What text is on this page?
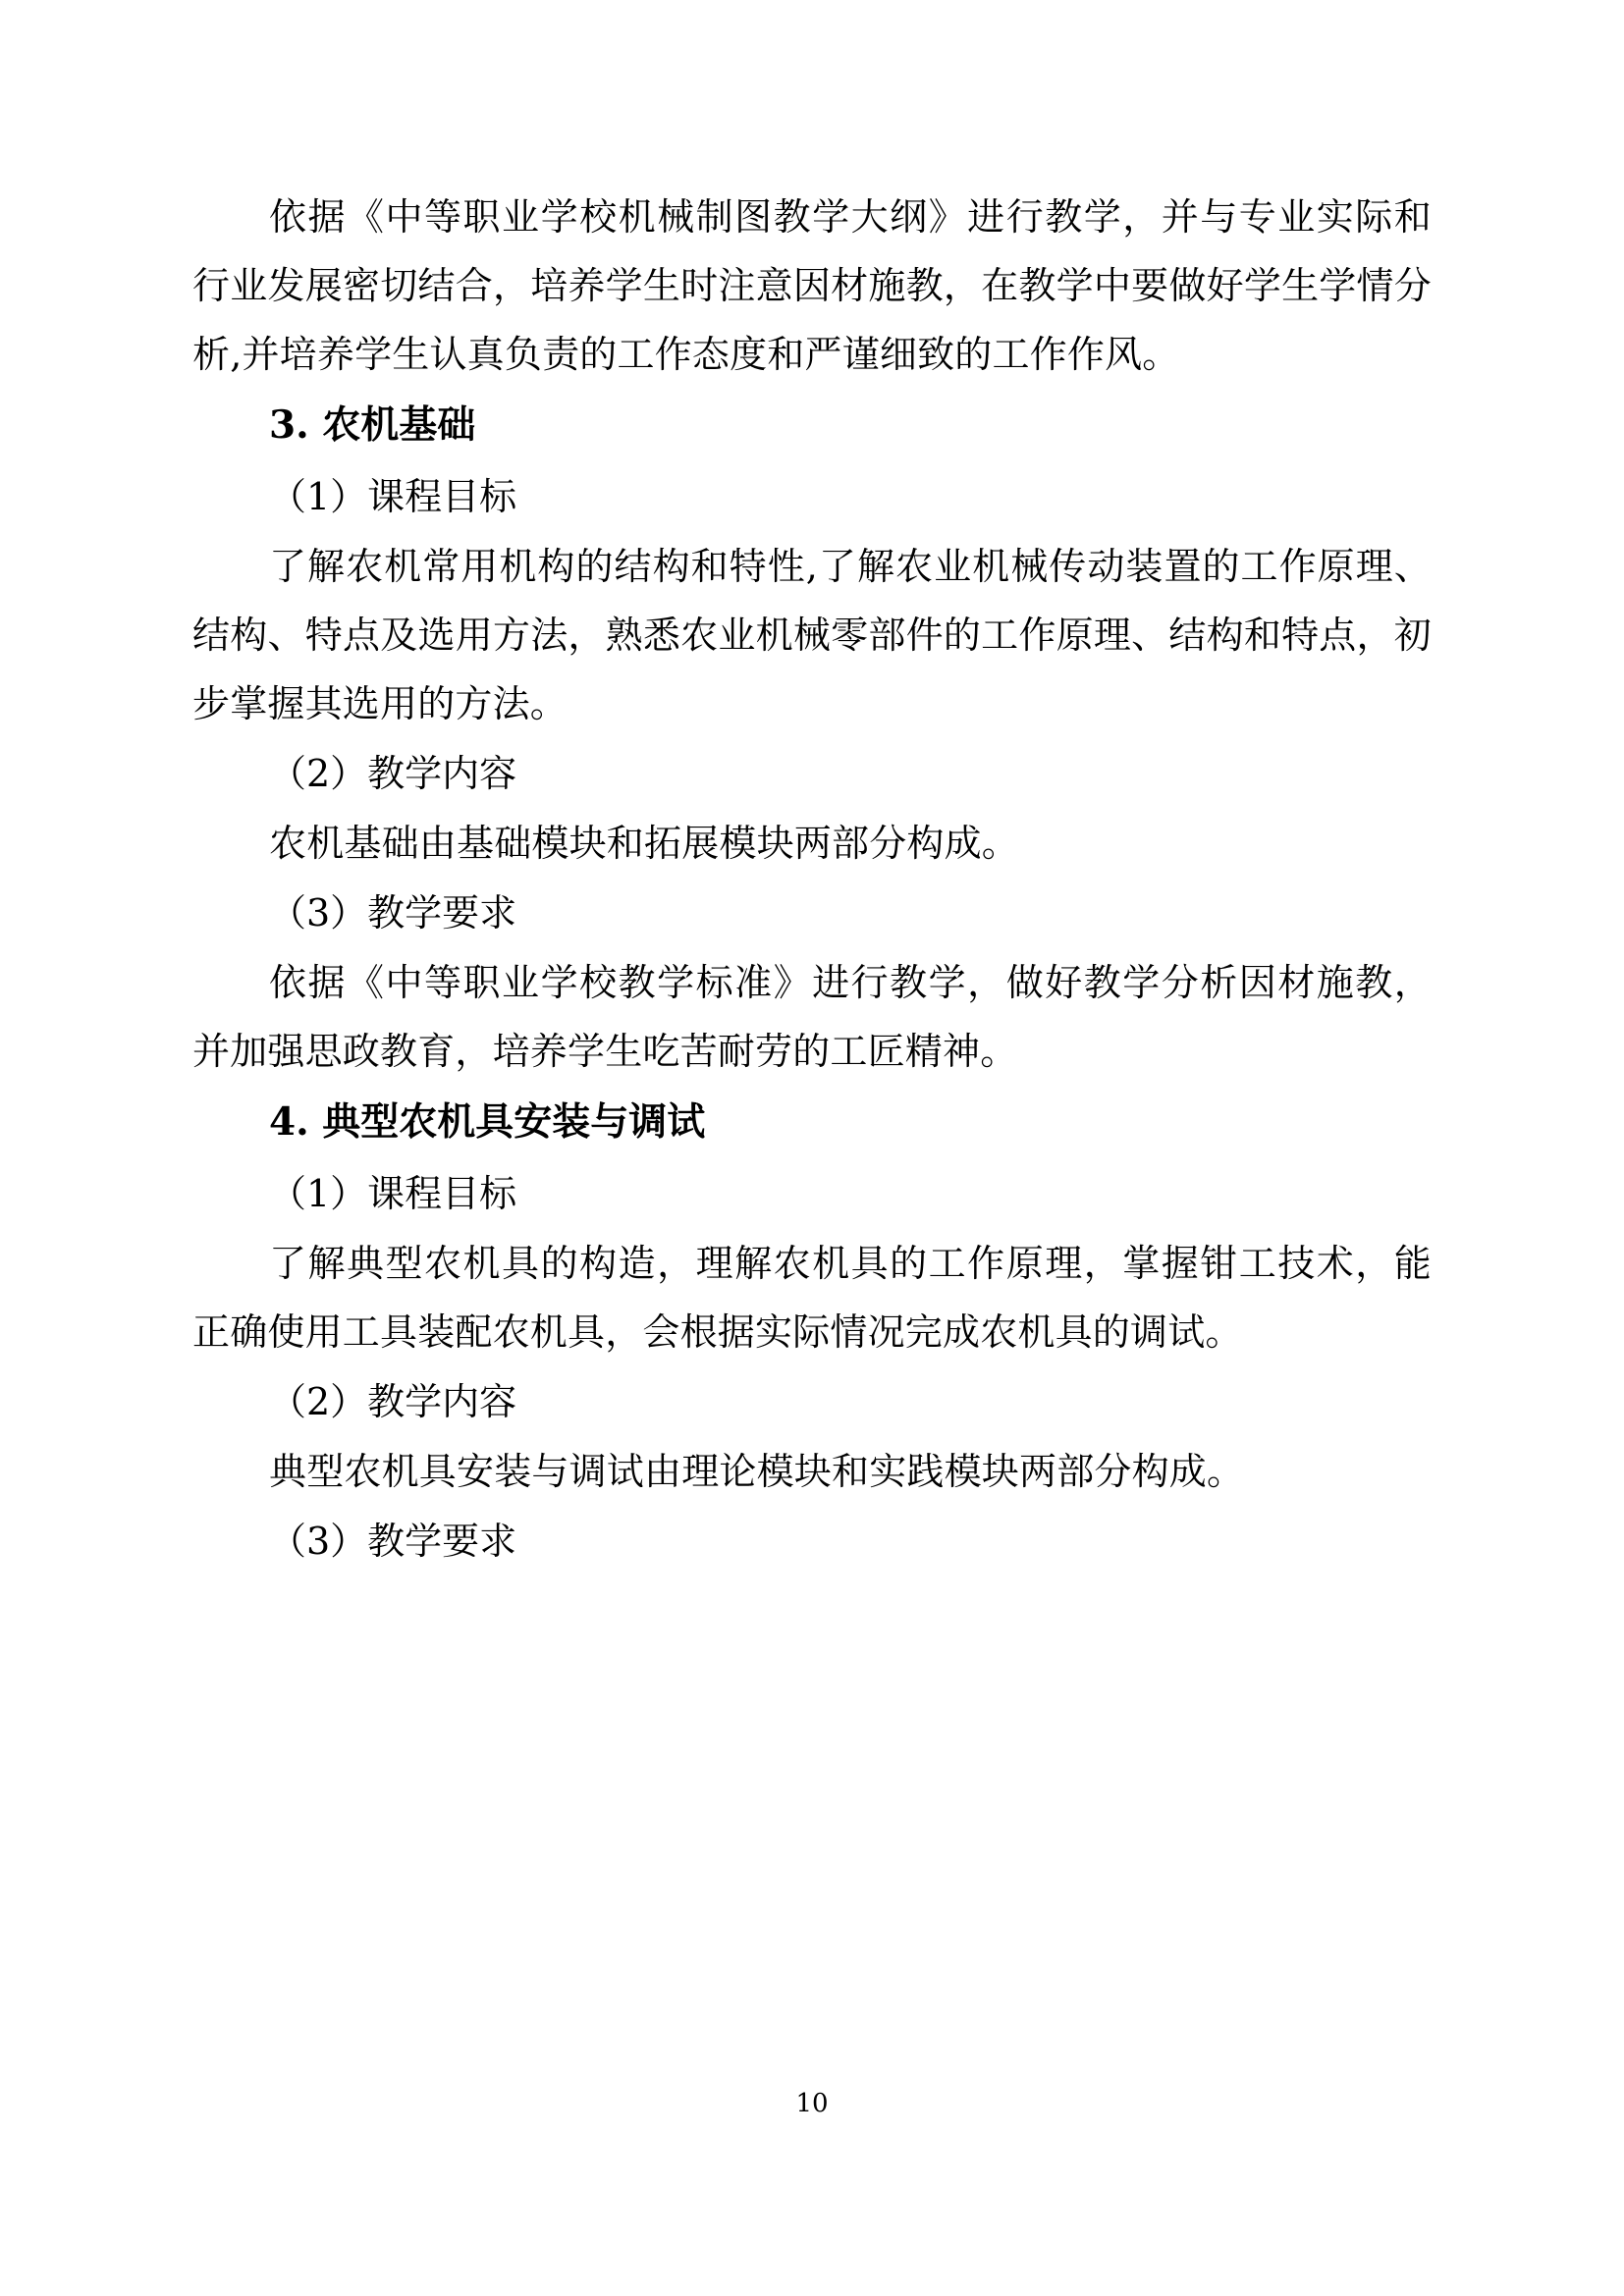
依据《中等职业学校机械制图教学大纲》进行教学，并与专业实际和行业发展密切结合，培养学生时注意因材施教，在教学中要做好学生学情分析,并培养学生认真负责的工作态度和严谨细致的工作作风。

3. 农机基础

（1）课程目标

了解农机常用机构的结构和特性,了解农业机械传动装置的工作原理、结构、特点及选用方法，熟悉农业机械零部件的工作原理、结构和特点，初步掌握其选用的方法。

（2）教学内容

农机基础由基础模块和拓展模块两部分构成。

（3）教学要求

依据《中等职业学校教学标准》进行教学，做好教学分析因材施教，并加强思政教育，培养学生吃苦耐劳的工匠精神。

4. 典型农机具安装与调试

（1）课程目标

了解典型农机具的构造，理解农机具的工作原理，掌握钳工技术，能正确使用工具装配农机具，会根据实际情况完成农机具的调试。

（2）教学内容

典型农机具安装与调试由理论模块和实践模块两部分构成。

（3）教学要求

10
